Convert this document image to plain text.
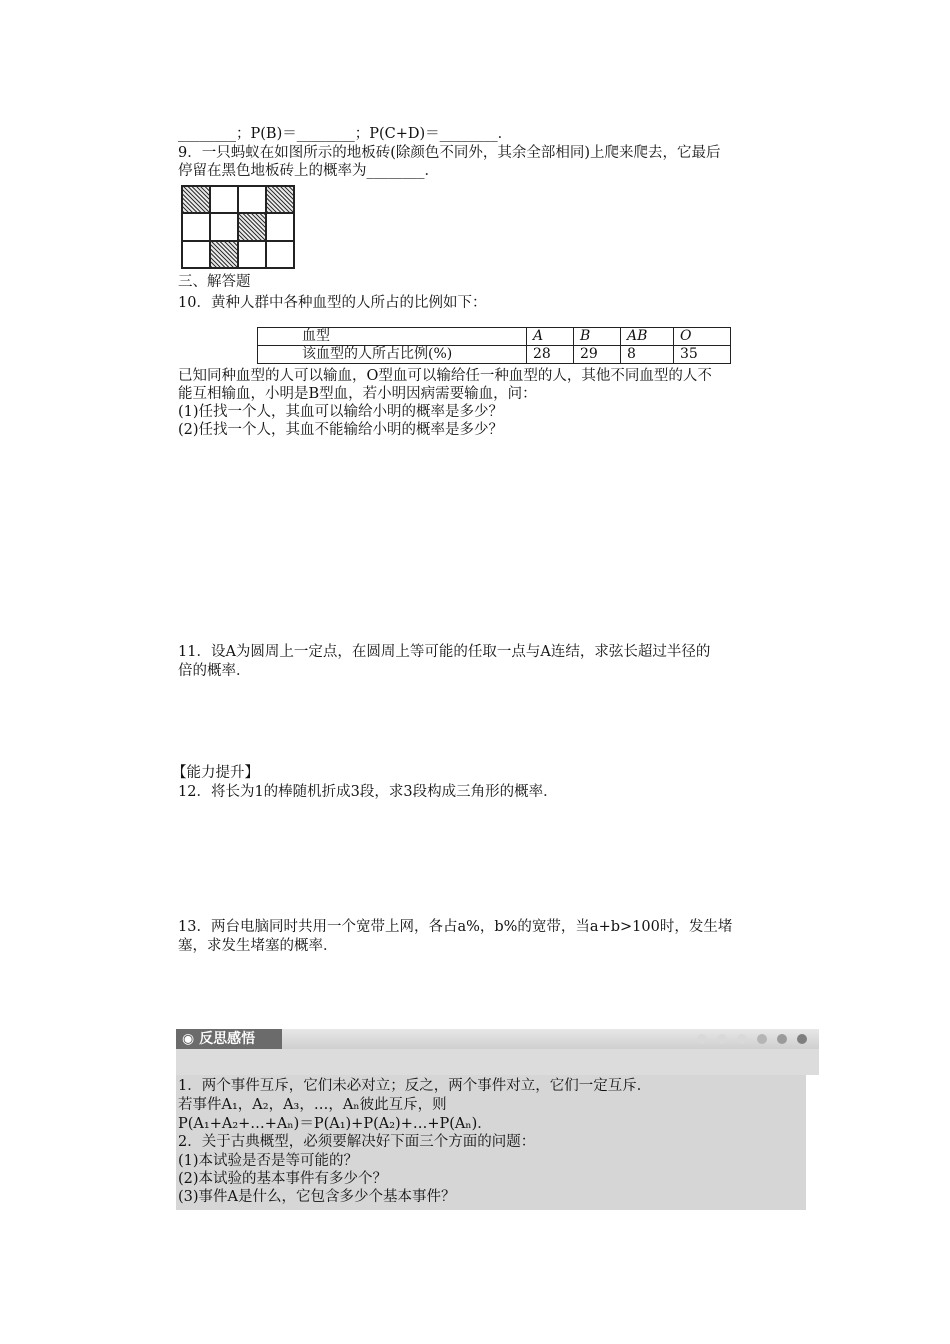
________；P(B)＝________；P(C+D)＝________．
9．一只蚂蚁在如图所示的地板砖(除颜色不同外，其余全部相同)上爬来爬去，它最后
停留在黑色地板砖上的概率为________．
三、解答题
10．黄种人群中各种血型的人所占的比例如下：
血型	A	B	AB	O
该血型的人所占比例(%)	28	29	8	35
已知同种血型的人可以输血，O型血可以输给任一种血型的人，其他不同血型的人不
能互相输血，小明是B型血，若小明因病需要输血，问：
(1)任找一个人，其血可以输给小明的概率是多少？
(2)任找一个人，其血不能输给小明的概率是多少？
11．设A为圆周上一定点，在圆周上等可能的任取一点与A连结，求弦长超过半径的
倍的概率．
【能力提升】
12．将长为1的棒随机折成3段，求3段构成三角形的概率．
13．两台电脑同时共用一个宽带上网，各占a%，b%的宽带，当a+b>100时，发生堵
塞，求发生堵塞的概率．
◉ 反思感悟
1．两个事件互斥，它们未必对立；反之，两个事件对立，它们一定互斥．
若事件A₁，A₂，A₃，…，Aₙ彼此互斥，则
P(A₁+A₂+…+Aₙ)＝P(A₁)+P(A₂)+…+P(Aₙ)．
2．关于古典概型，必须要解决好下面三个方面的问题：
(1)本试验是否是等可能的？
(2)本试验的基本事件有多少个？
(3)事件A是什么，它包含多少个基本事件？
